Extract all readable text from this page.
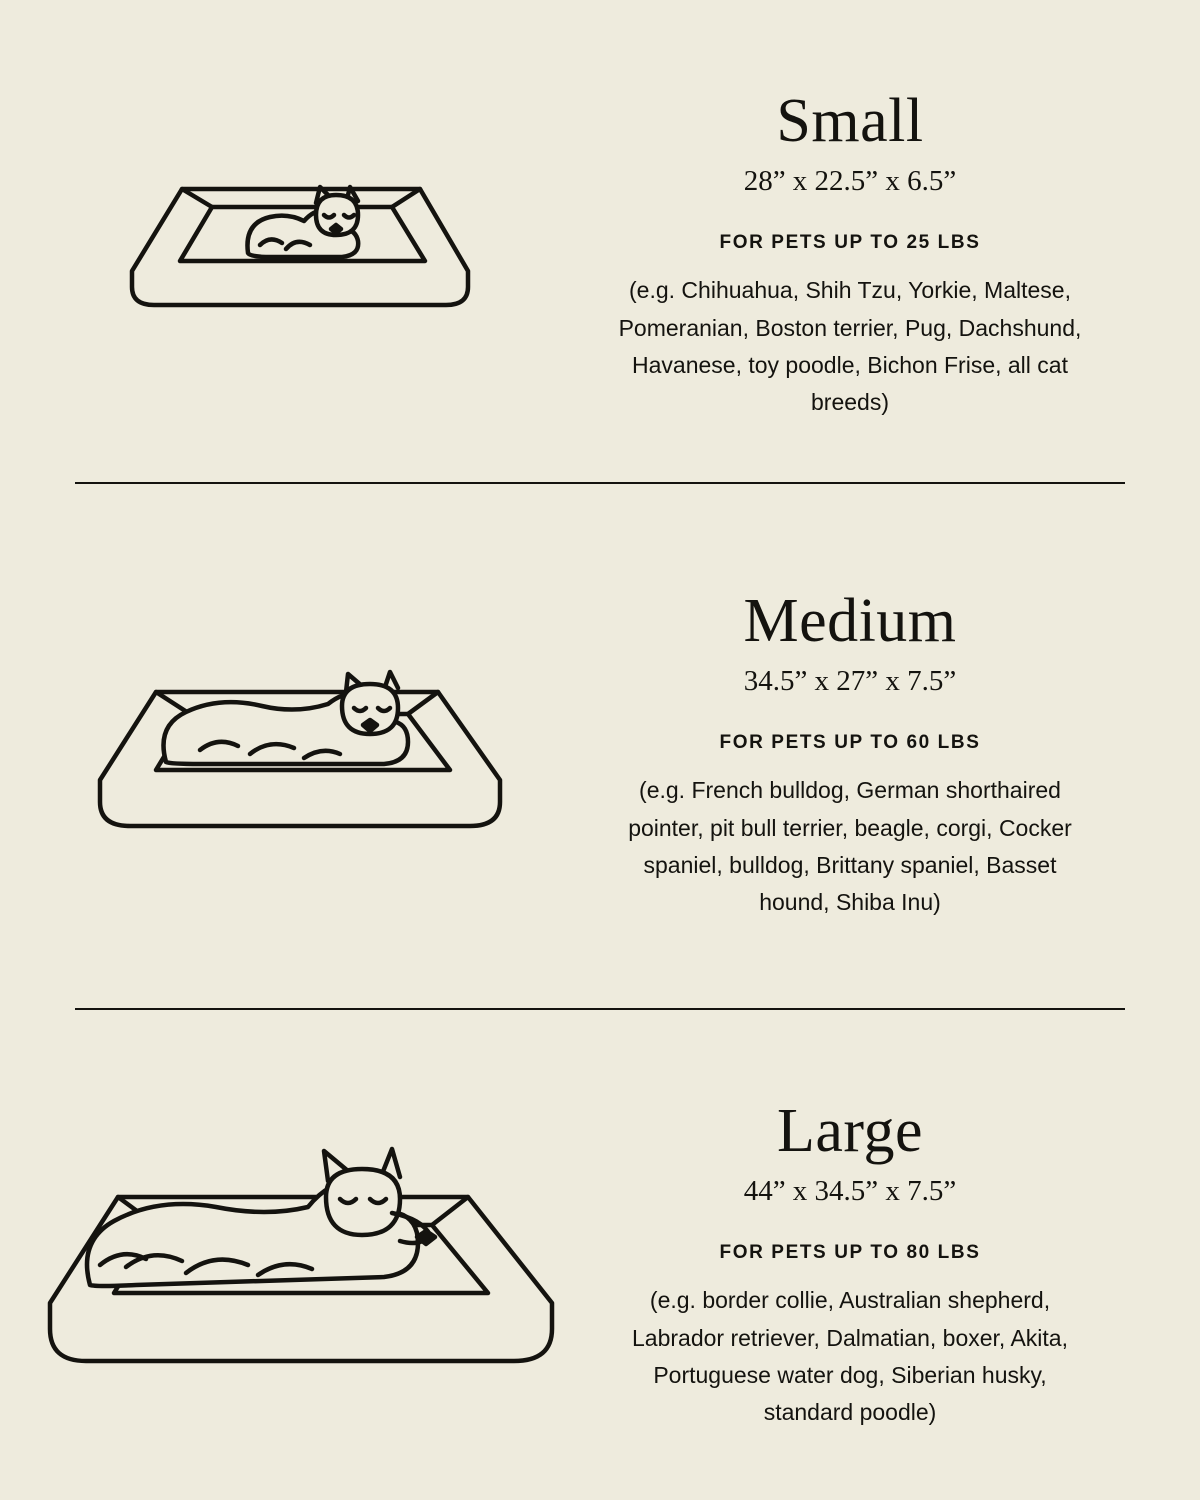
Small

28” x 22.5” x 6.5”

FOR PETS UP TO 25 LBS

(e.g. Chihuahua, Shih Tzu, Yorkie, Maltese, Pomeranian, Boston terrier, Pug, Dachshund, Havanese, toy poodle, Bichon Frise, all cat breeds)

Medium

34.5” x 27” x 7.5”

FOR PETS UP TO 60 LBS

(e.g. French bulldog, German shorthaired pointer, pit bull terrier, beagle, corgi, Cocker spaniel, bulldog, Brittany spaniel, Basset hound, Shiba Inu)

Large

44” x 34.5” x 7.5”

FOR PETS UP TO 80 LBS

(e.g. border collie, Australian shepherd, Labrador retriever, Dalmatian, boxer, Akita, Portuguese water dog, Siberian husky, standard poodle)
